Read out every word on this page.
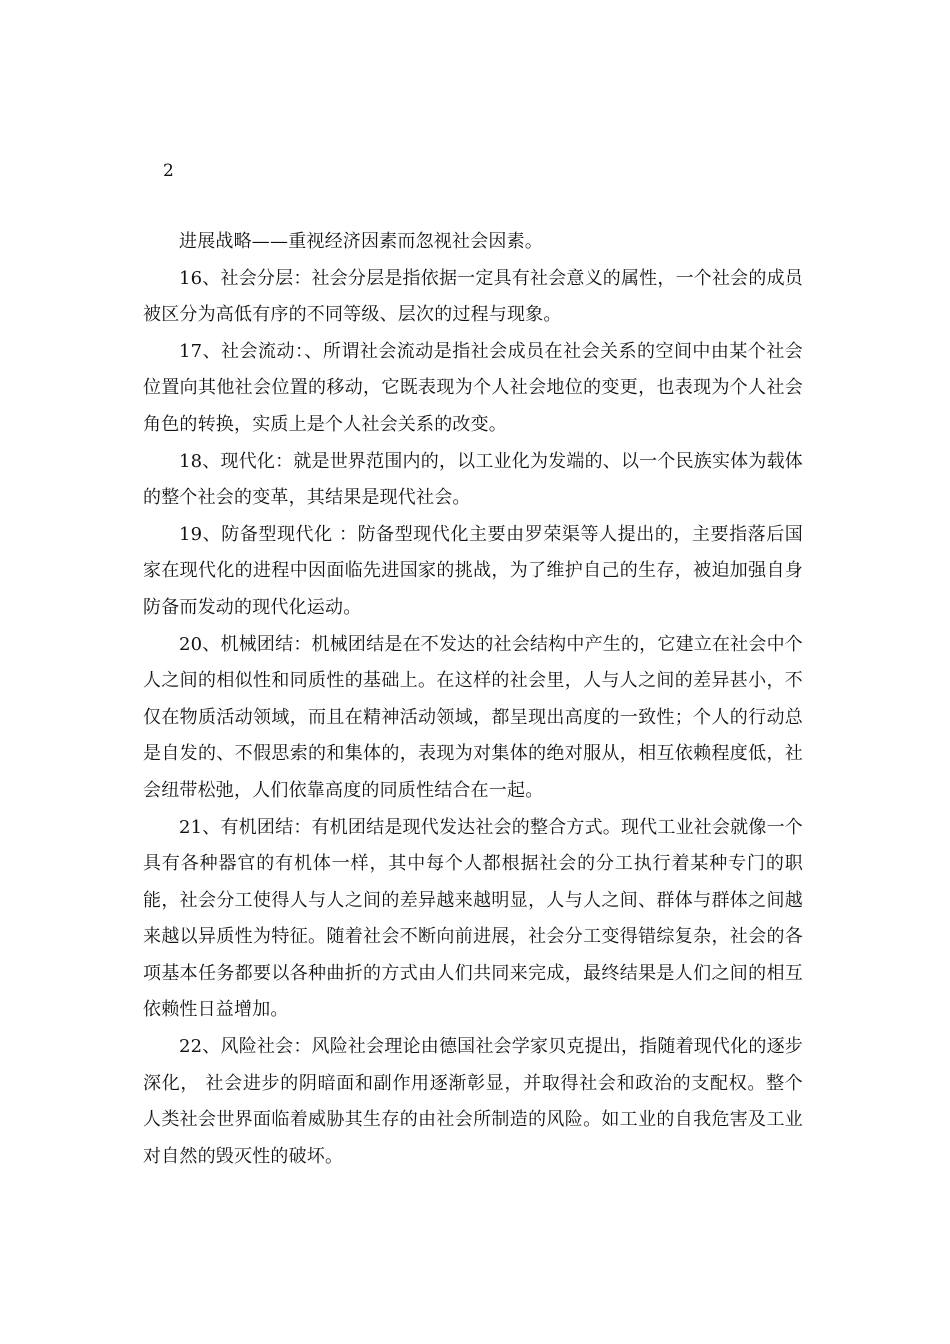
2

进展战略——重视经济因素而忽视社会因素。

16、社会分层：社会分层是指依据一定具有社会意义的属性，一个社会的成员被区分为高低有序的不同等级、层次的过程与现象。

17、社会流动：、所谓社会流动是指社会成员在社会关系的空间中由某个社会位置向其他社会位置的移动，它既表现为个人社会地位的变更，也表现为个人社会角色的转换，实质上是个人社会关系的改变。

18、现代化：就是世界范围内的，以工业化为发端的、以一个民族实体为载体的整个社会的变革，其结果是现代社会。

19、防备型现代化 ：防备型现代化主要由罗荣渠等人提出的，主要指落后国家在现代化的进程中因面临先进国家的挑战，为了维护自己的生存，被迫加强自身防备而发动的现代化运动。

20、机械团结：机械团结是在不发达的社会结构中产生的，它建立在社会中个人之间的相似性和同质性的基础上。在这样的社会里，人与人之间的差异甚小，不仅在物质活动领域，而且在精神活动领域，都呈现出高度的一致性；个人的行动总是自发的、不假思索的和集体的，表现为对集体的绝对服从，相互依赖程度低，社会纽带松弛，人们依靠高度的同质性结合在一起。

21、有机团结：有机团结是现代发达社会的整合方式。现代工业社会就像一个具有各种器官的有机体一样，其中每个人都根据社会的分工执行着某种专门的职能，社会分工使得人与人之间的差异越来越明显，人与人之间、群体与群体之间越来越以异质性为特征。随着社会不断向前进展，社会分工变得错综复杂，社会的各项基本任务都要以各种曲折的方式由人们共同来完成，最终结果是人们之间的相互依赖性日益增加。

22、风险社会：风险社会理论由德国社会学家贝克提出，指随着现代化的逐步深化， 社会进步的阴暗面和副作用逐渐彰显，并取得社会和政治的支配权。整个人类社会世界面临着威胁其生存的由社会所制造的风险。如工业的自我危害及工业对自然的毁灭性的破坏。
